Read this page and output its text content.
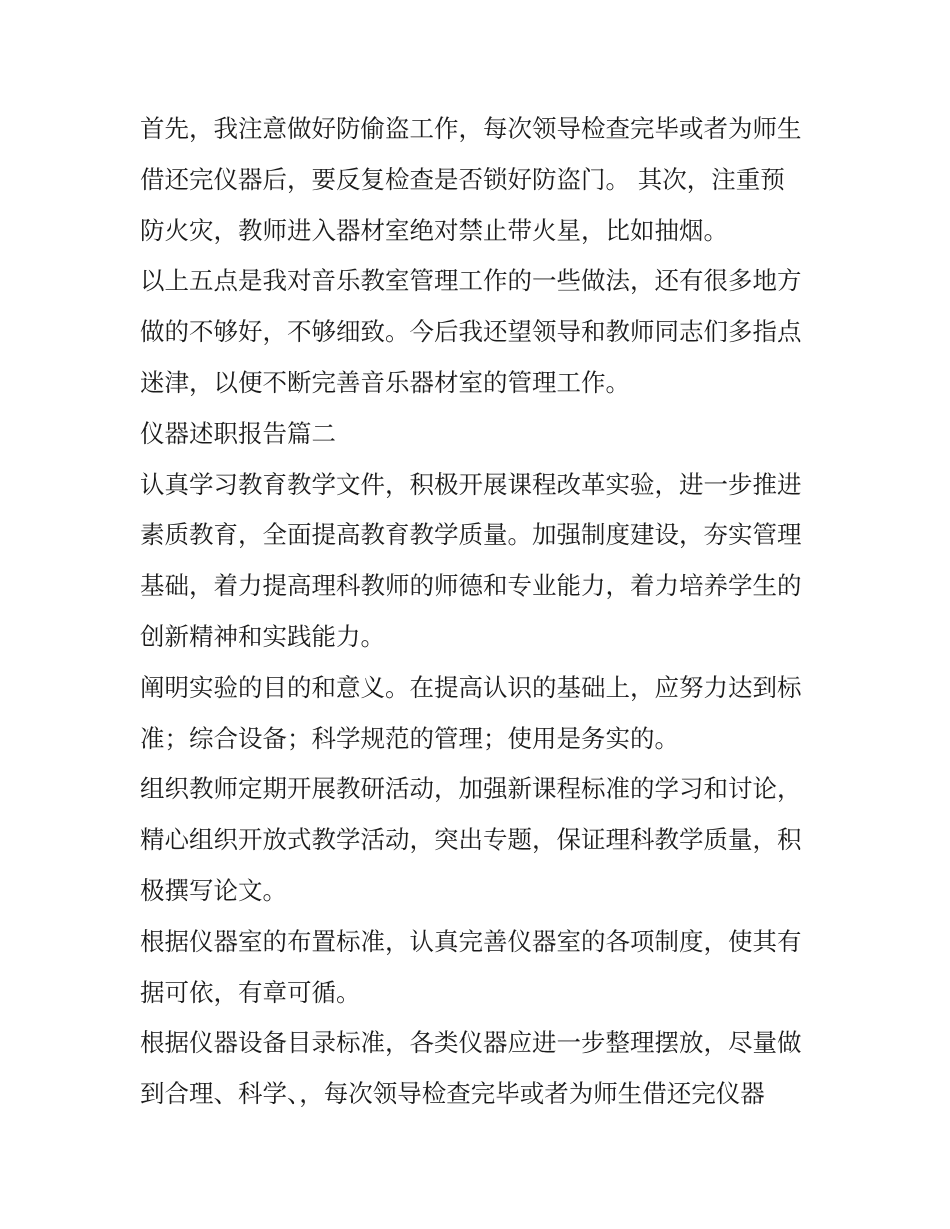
首先，我注意做好防偷盗工作，每次领导检查完毕或者为师生
借还完仪器后，要反复检查是否锁好防盗门。 其次，注重预
防火灾，教师进入器材室绝对禁止带火星，比如抽烟。

以上五点是我对音乐教室管理工作的一些做法，还有很多地方
做的不够好，不够细致。今后我还望领导和教师同志们多指点
迷津，以便不断完善音乐器材室的管理工作。

仪器述职报告篇二

认真学习教育教学文件，积极开展课程改革实验，进一步推进
素质教育，全面提高教育教学质量。加强制度建设，夯实管理
基础，着力提高理科教师的师德和专业能力，着力培养学生的
创新精神和实践能力。

阐明实验的目的和意义。在提高认识的基础上，应努力达到标
准；综合设备；科学规范的管理；使用是务实的。

组织教师定期开展教研活动，加强新课程标准的学习和讨论，
精心组织开放式教学活动，突出专题，保证理科教学质量，积
极撰写论文。

根据仪器室的布置标准，认真完善仪器室的各项制度，使其有
据可依，有章可循。

根据仪器设备目录标准，各类仪器应进一步整理摆放，尽量做
到合理、科学、，每次领导检查完毕或者为师生借还完仪器
